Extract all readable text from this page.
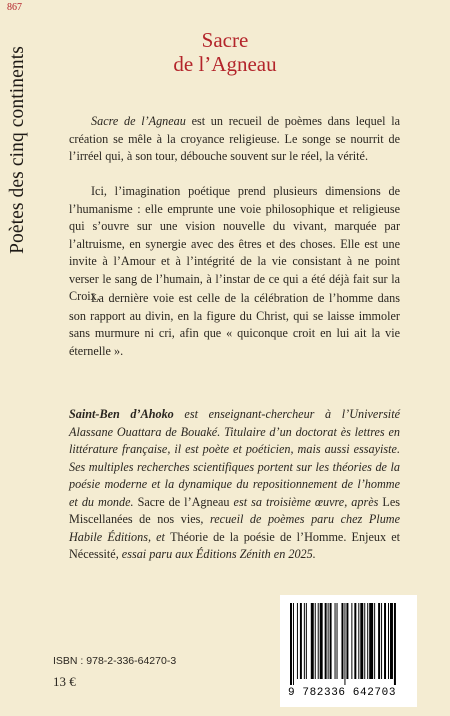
867
Poètes des cinq continents
Sacre
de l’Agneau

Sacre de l’Agneau est un recueil de poèmes dans lequel la création se mêle à la croyance religieuse. Le songe se nourrit de l’irréel qui, à son tour, débouche souvent sur le réel, la vérité.

Ici, l’imagination poétique prend plusieurs dimensions de l’humanisme : elle emprunte une voie philosophique et religieuse qui s’ouvre sur une vision nouvelle du vivant, marquée par l’altruisme, en synergie avec des êtres et des choses. Elle est une invite à l’Amour et à l’intégrité de la vie consistant à ne point verser le sang de l’humain, à l’instar de ce qui a été déjà fait sur la Croix.

La dernière voie est celle de la célébration de l’homme dans son rapport au divin, en la figure du Christ, qui se laisse immoler sans murmure ni cri, afin que « quiconque croit en lui ait la vie éternelle ».

Saint-Ben d’Ahoko est enseignant-chercheur à l’Université Alassane Ouattara de Bouaké. Titulaire d’un doctorat ès lettres en littérature française, il est poète et poéticien, mais aussi essayiste. Ses multiples recherches scientifiques portent sur les théories de la poésie moderne et la dynamique du repositionnement de l’homme et du monde. Sacre de l’Agneau est sa troisième œuvre, après Les Miscellanées de nos vies, recueil de poèmes paru chez Plume Habile Éditions, et Théorie de la poésie de l’Homme. Enjeux et Nécessité, essai paru aux Éditions Zénith en 2025.

ISBN : 978-2-336-64270-3
13 €
9 782336 642703
